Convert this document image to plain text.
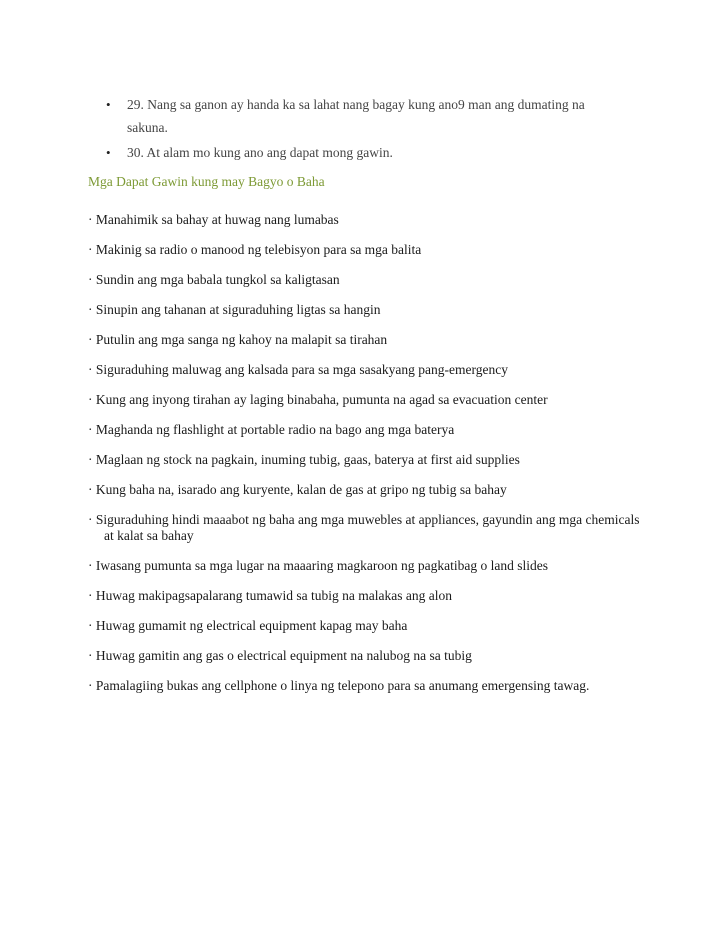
• 29. Nang sa ganon ay handa ka sa lahat nang bagay kung ano9 man ang dumating na sakuna.
• 30. At alam mo kung ano ang dapat mong gawin.
Mga Dapat Gawin kung may Bagyo o Baha
· Manahimik sa bahay at huwag nang lumabas
· Makinig sa radio o manood ng telebisyon para sa mga balita
· Sundin ang mga babala tungkol sa kaligtasan
· Sinupin ang tahanan at siguraduhing ligtas sa hangin
· Putulin ang mga sanga ng kahoy na malapit sa tirahan
· Siguraduhing maluwag ang kalsada para sa mga sasakyang pang-emergency
· Kung ang inyong tirahan ay laging binabaha, pumunta na agad sa evacuation center
· Maghanda ng flashlight at portable radio na bago ang mga baterya
· Maglaan ng stock na pagkain, inuming tubig, gaas, baterya at first aid supplies
· Kung baha na, isarado ang kuryente, kalan de gas at gripo ng tubig sa bahay
· Siguraduhing hindi maaabot ng baha ang mga muwebles at appliances, gayundin ang mga chemicals at kalat sa bahay
· Iwasang pumunta sa mga lugar na maaaring magkaroon ng pagkatibag o land slides
· Huwag makipagsapalarang tumawid sa tubig na malakas ang alon
· Huwag gumamit ng electrical equipment kapag may baha
· Huwag gamitin ang gas o electrical equipment na nalubog na sa tubig
· Pamalagiing bukas ang cellphone o linya ng telepono para sa anumang emergensing tawag.
